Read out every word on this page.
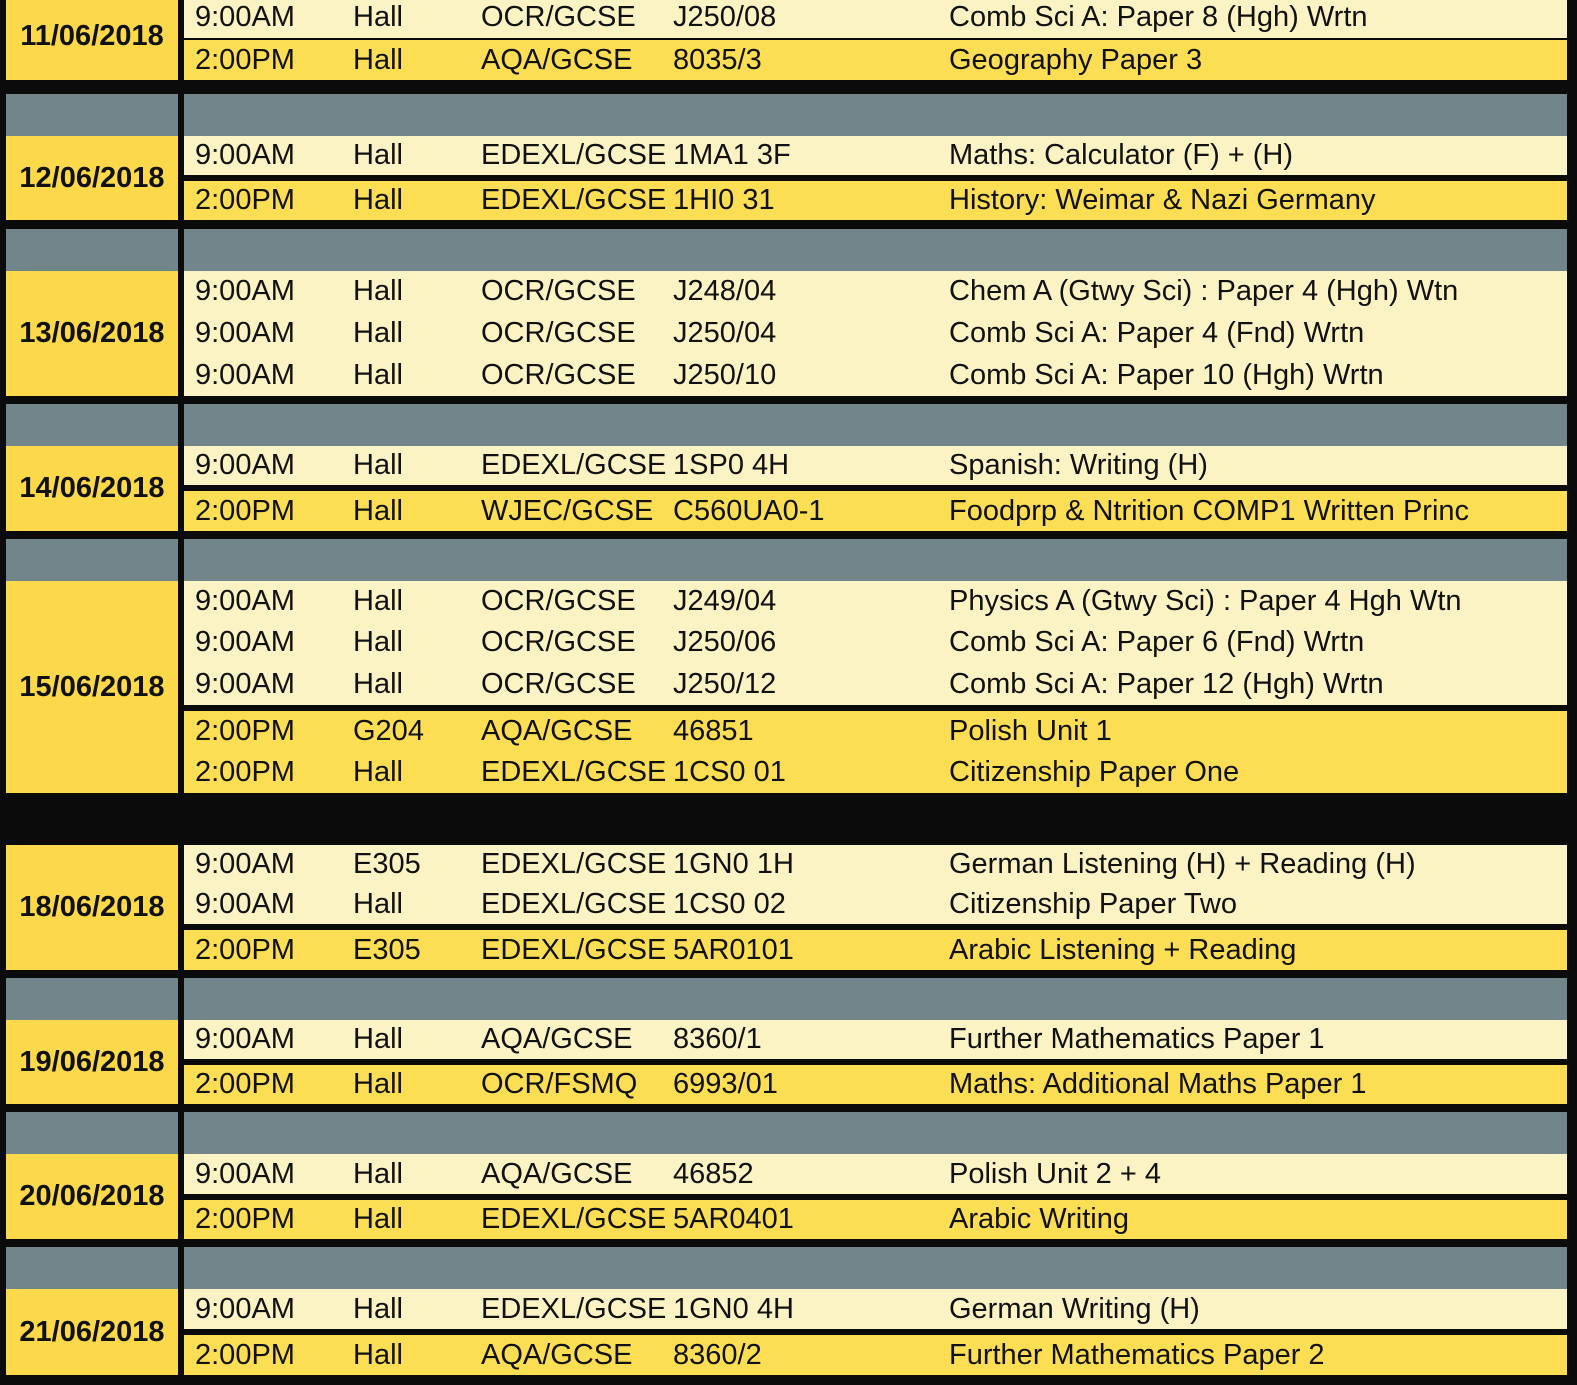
11/06/2018
9:00AM	Hall	OCR/GCSE	J250/08	Comb Sci A: Paper 8 (Hgh) Wrtn
2:00PM	Hall	AQA/GCSE	8035/3	Geography Paper 3
12/06/2018
9:00AM	Hall	EDEXL/GCSE 1MA1 3F	Maths: Calculator (F) + (H)
2:00PM	Hall	EDEXL/GCSE 1HI0 31	History: Weimar & Nazi Germany
13/06/2018
9:00AM	Hall	OCR/GCSE	J248/04	Chem A (Gtwy Sci) : Paper 4 (Hgh) Wtn
9:00AM	Hall	OCR/GCSE	J250/04	Comb Sci A: Paper 4 (Fnd) Wrtn
9:00AM	Hall	OCR/GCSE	J250/10	Comb Sci A: Paper 10 (Hgh) Wrtn
14/06/2018
9:00AM	Hall	EDEXL/GCSE 1SP0 4H	Spanish: Writing (H)
2:00PM	Hall	WJEC/GCSE C560UA0-1	Foodprp & Ntrition COMP1 Written Princ
15/06/2018
9:00AM	Hall	OCR/GCSE	J249/04	Physics A (Gtwy Sci) : Paper 4 Hgh Wtn
9:00AM	Hall	OCR/GCSE	J250/06	Comb Sci A: Paper 6 (Fnd) Wrtn
9:00AM	Hall	OCR/GCSE	J250/12	Comb Sci A: Paper 12 (Hgh) Wrtn
2:00PM	G204	AQA/GCSE	46851	Polish Unit 1
2:00PM	Hall	EDEXL/GCSE 1CS0 01	Citizenship Paper One
18/06/2018
9:00AM	E305	EDEXL/GCSE 1GN0 1H	German Listening (H) + Reading (H)
9:00AM	Hall	EDEXL/GCSE 1CS0 02	Citizenship Paper Two
2:00PM	E305	EDEXL/GCSE 5AR0101	Arabic Listening + Reading
19/06/2018
9:00AM	Hall	AQA/GCSE	8360/1	Further Mathematics Paper 1
2:00PM	Hall	OCR/FSMQ	6993/01	Maths: Additional Maths Paper 1
20/06/2018
9:00AM	Hall	AQA/GCSE	46852	Polish Unit 2 + 4
2:00PM	Hall	EDEXL/GCSE 5AR0401	Arabic Writing
21/06/2018
9:00AM	Hall	EDEXL/GCSE 1GN0 4H	German Writing (H)
2:00PM	Hall	AQA/GCSE	8360/2	Further Mathematics Paper 2
